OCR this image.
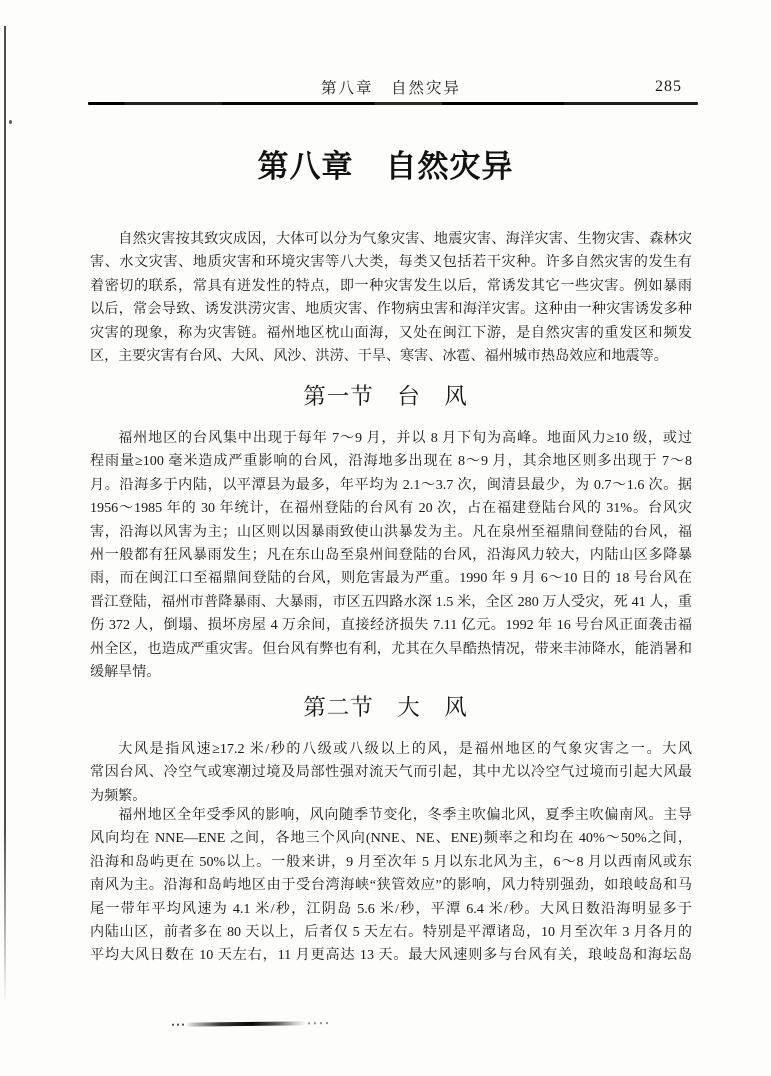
第八章　自然灾异	285
第八章　自然灾异
自然灾害按其致灾成因，大体可以分为气象灾害、地震灾害、海洋灾害、生物灾害、森林灾
害、水文灾害、地质灾害和环境灾害等八大类，每类又包括若干灾种。许多自然灾害的发生有
着密切的联系，常具有迸发性的特点，即一种灾害发生以后，常诱发其它一些灾害。例如暴雨
以后，常会导致、诱发洪涝灾害、地质灾害、作物病虫害和海洋灾害。这种由一种灾害诱发多种
灾害的现象，称为灾害链。福州地区枕山面海，又处在闽江下游，是自然灾害的重发区和频发
区，主要灾害有台风、大风、风沙、洪涝、干旱、寒害、冰雹、福州城市热岛效应和地震等。
第一节　台　风
福州地区的台风集中出现于每年 7～9 月，并以 8 月下旬为高峰。地面风力≥10 级，或过
程雨量≥100 毫米造成严重影响的台风，沿海地多出现在 8～9 月，其余地区则多出现于 7～8
月。沿海多于内陆，以平潭县为最多，年平均为 2.1～3.7 次，闽清县最少，为 0.7～1.6 次。据
1956～1985 年的 30 年统计，在福州登陆的台风有 20 次，占在福建登陆台风的 31%。台风灾
害，沿海以风害为主；山区则以因暴雨致使山洪暴发为主。凡在泉州至福鼎间登陆的台风，福
州一般都有狂风暴雨发生；凡在东山岛至泉州间登陆的台风，沿海风力较大，内陆山区多降暴
雨，而在闽江口至福鼎间登陆的台风，则危害最为严重。1990 年 9 月 6～10 日的 18 号台风在
晋江登陆，福州市普降暴雨、大暴雨，市区五四路水深 1.5 米，全区 280 万人受灾，死 41 人，重
伤 372 人，倒塌、损坏房屋 4 万余间，直接经济损失 7.11 亿元。1992 年 16 号台风正面袭击福
州全区，也造成严重灾害。但台风有弊也有利，尤其在久旱酷热情况，带来丰沛降水，能消暑和
缓解旱情。
第二节　大　风
大风是指风速≥17.2 米/秒的八级或八级以上的风，是福州地区的气象灾害之一。大风
常因台风、冷空气或寒潮过境及局部性强对流天气而引起，其中尤以冷空气过境而引起大风最
为频繁。
福州地区全年受季风的影响，风向随季节变化，冬季主吹偏北风，夏季主吹偏南风。主导
风向均在 NNE—ENE 之间，各地三个风向(NNE、NE、ENE)频率之和均在 40%～50%之间，
沿海和岛屿更在 50%以上。一般来讲，9 月至次年 5 月以东北风为主，6～8 月以西南风或东
南风为主。沿海和岛屿地区由于受台湾海峡“狭管效应”的影响，风力特别强劲，如琅岐岛和马
尾一带年平均风速为 4.1 米/秒，江阴岛 5.6 米/秒，平潭 6.4 米/秒。大风日数沿海明显多于
内陆山区，前者多在 80 天以上，后者仅 5 天左右。特别是平潭诸岛，10 月至次年 3 月各月的
平均大风日数在 10 天左右，11 月更高达 13 天。最大风速则多与台风有关，琅岐岛和海坛岛
